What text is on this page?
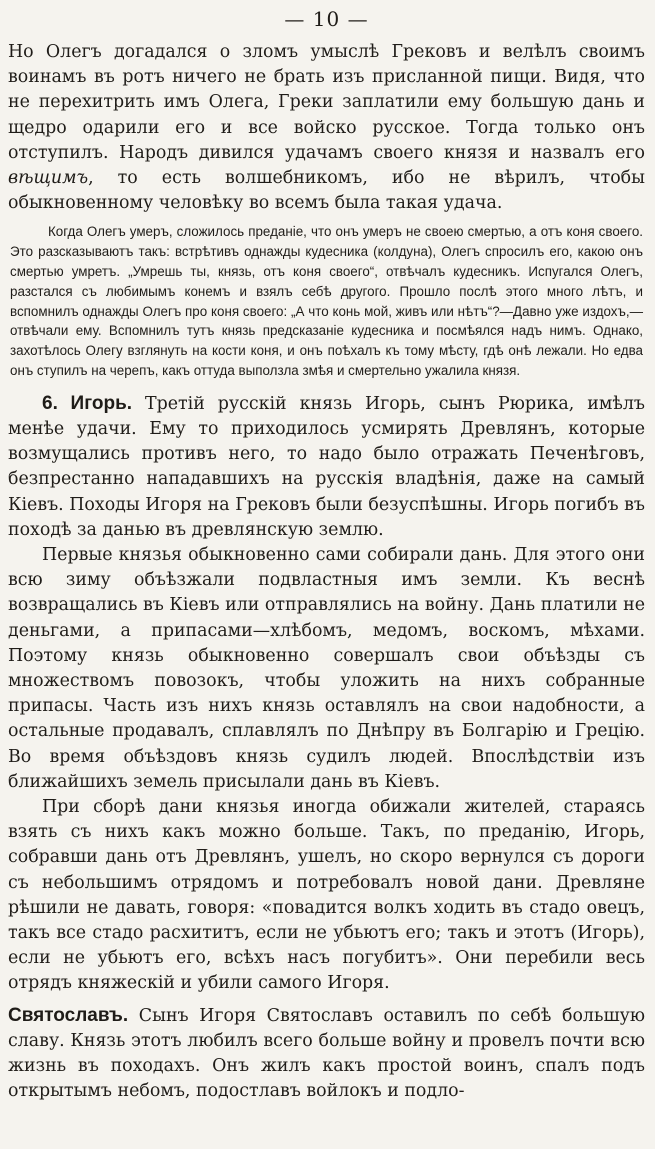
— 10 —

Но Олегъ догадался о зломъ умыслѣ Грековъ и велѣлъ своимъ воинамъ въ ротъ ничего не брать изъ присланной пищи. Видя, что не перехитрить имъ Олега, Греки заплатили ему большую дань и щедро одарили его и все войско русское. Тогда только онъ отступилъ. Народъ дивился удачамъ своего князя и назвалъ его вѣщимъ, то есть волшебникомъ, ибо не вѣрилъ, чтобы обыкновенному человѣку во всемъ была такая удача.

Когда Олегъ умеръ, сложилось преданіе, что онъ умеръ не своею смертью, а отъ коня своего. Это разсказываютъ такъ: встрѣтивъ однажды кудесника (колдуна), Олегъ спросилъ его, какою онъ смертью умретъ. „Умрешь ты, князь, отъ коня своего“, отвѣчалъ кудесникъ. Испугался Олегъ, разстался съ любимымъ конемъ и взялъ себѣ другого. Прошло послѣ этого много лѣтъ, и вспомнилъ однажды Олегъ про коня своего: „А что конь мой, живъ или нѣтъ“?—Давно уже издохъ,—отвѣчали ему. Вспомнилъ тутъ князь предсказаніе кудесника и посмѣялся надъ нимъ. Однако, захотѣлось Олегу взглянуть на кости коня, и онъ поѣхалъ къ тому мѣсту, гдѣ онѣ лежали. Но едва онъ ступилъ на черепъ, какъ оттуда выползла змѣя и смертельно ужалила князя.

6. Игорь. Третій русскій князь Игорь, сынъ Рюрика, имѣлъ менѣе удачи. Ему то приходилось усмирять Древлянъ, которые возмущались противъ него, то надо было отражать Печенѣговъ, безпрестанно нападавшихъ на русскія владѣнія, даже на самый Кіевъ. Походы Игоря на Грековъ были безуспѣшны. Игорь погибъ въ походѣ за данью въ древлянскую землю.

Первые князья обыкновенно сами собирали дань. Для этого они всю зиму объѣзжали подвластныя имъ земли. Къ веснѣ возвращались въ Кіевъ или отправлялись на войну. Дань платили не деньгами, а припасами—хлѣбомъ, медомъ, воскомъ, мѣхами. Поэтому князь обыкновенно совершалъ свои объѣзды съ множествомъ повозокъ, чтобы уложить на нихъ собранные припасы. Часть изъ нихъ князь оставлялъ на свои надобности, а остальные продавалъ, сплавлялъ по Днѣпру въ Болгарію и Грецію. Во время объѣздовъ князь судилъ людей. Впослѣдствіи изъ ближайшихъ земель присылали дань въ Кіевъ.

При сборѣ дани князья иногда обижали жителей, стараясь взять съ нихъ какъ можно больше. Такъ, по преданію, Игорь, собравши дань отъ Древлянъ, ушелъ, но скоро вернулся съ дороги съ небольшимъ отрядомъ и потребовалъ новой дани. Древляне рѣшили не давать, говоря: «повадится волкъ ходить въ стадо овецъ, такъ все стадо расхититъ, если не убьютъ его; такъ и этотъ (Игорь), если не убьютъ его, всѣхъ насъ погубитъ». Они перебили весь отрядъ княжескій и убили самого Игоря.

Святославъ. Сынъ Игоря Святославъ оставилъ по себѣ большую славу. Князь этотъ любилъ всего больше войну и провелъ почти всю жизнь въ походахъ. Онъ жилъ какъ простой воинъ, спалъ подъ открытымъ небомъ, подостлавъ войлокъ и подло-
